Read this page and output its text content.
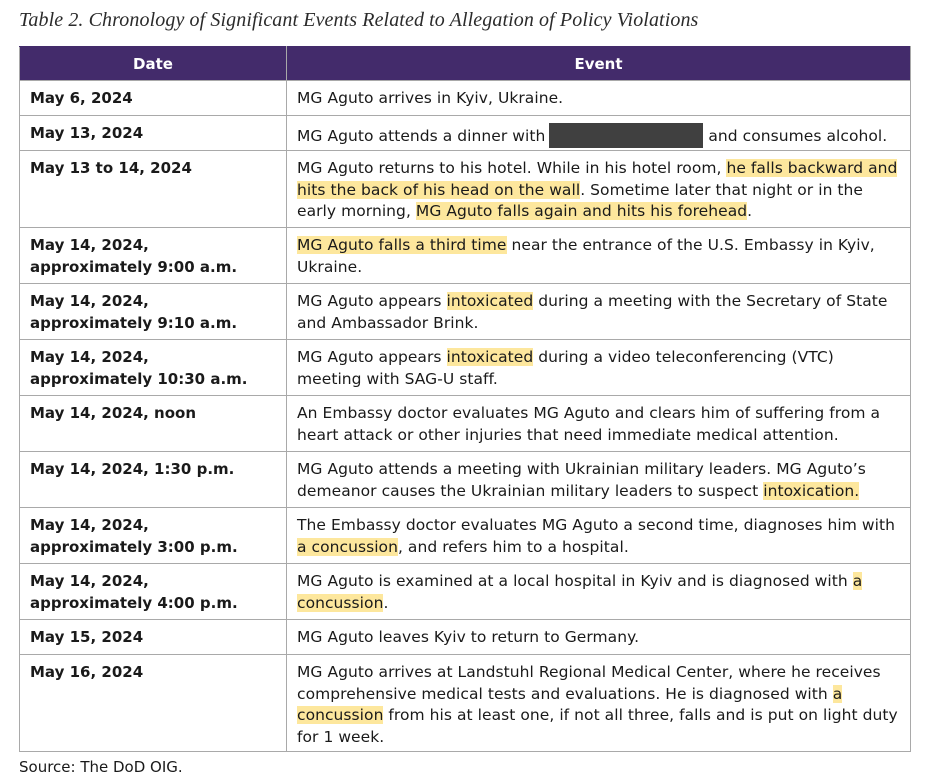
Table 2. Chronology of Significant Events Related to Allegation of Policy Violations
Date	Event
May 6, 2024	MG Aguto arrives in Kyiv, Ukraine.
May 13, 2024	MG Aguto attends a dinner with and consumes alcohol.
May 13 to 14, 2024	MG Aguto returns to his hotel. While in his hotel room, he falls backward and hits the back of his head on the wall. Sometime later that night or in the early morning, MG Aguto falls again and hits his forehead.
May 14, 2024,
approximately 9:00 a.m.	MG Aguto falls a third time near the entrance of the U.S. Embassy in Kyiv, Ukraine.
May 14, 2024,
approximately 9:10 a.m.	MG Aguto appears intoxicated during a meeting with the Secretary of State and Ambassador Brink.
May 14, 2024,
approximately 10:30 a.m.	MG Aguto appears intoxicated during a video teleconferencing (VTC) meeting with SAG-U staff.
May 14, 2024, noon	An Embassy doctor evaluates MG Aguto and clears him of suffering from a heart attack or other injuries that need immediate medical attention.
May 14, 2024, 1:30 p.m.	MG Aguto attends a meeting with Ukrainian military leaders. MG Aguto’s demeanor causes the Ukrainian military leaders to suspect intoxication.
May 14, 2024,
approximately 3:00 p.m.	The Embassy doctor evaluates MG Aguto a second time, diagnoses him with a concussion, and refers him to a hospital.
May 14, 2024,
approximately 4:00 p.m.	MG Aguto is examined at a local hospital in Kyiv and is diagnosed with a concussion.
May 15, 2024	MG Aguto leaves Kyiv to return to Germany.
May 16, 2024	MG Aguto arrives at Landstuhl Regional Medical Center, where he receives comprehensive medical tests and evaluations. He is diagnosed with a concussion from his at least one, if not all three, falls and is put on light duty for 1 week.
Source: The DoD OIG.
